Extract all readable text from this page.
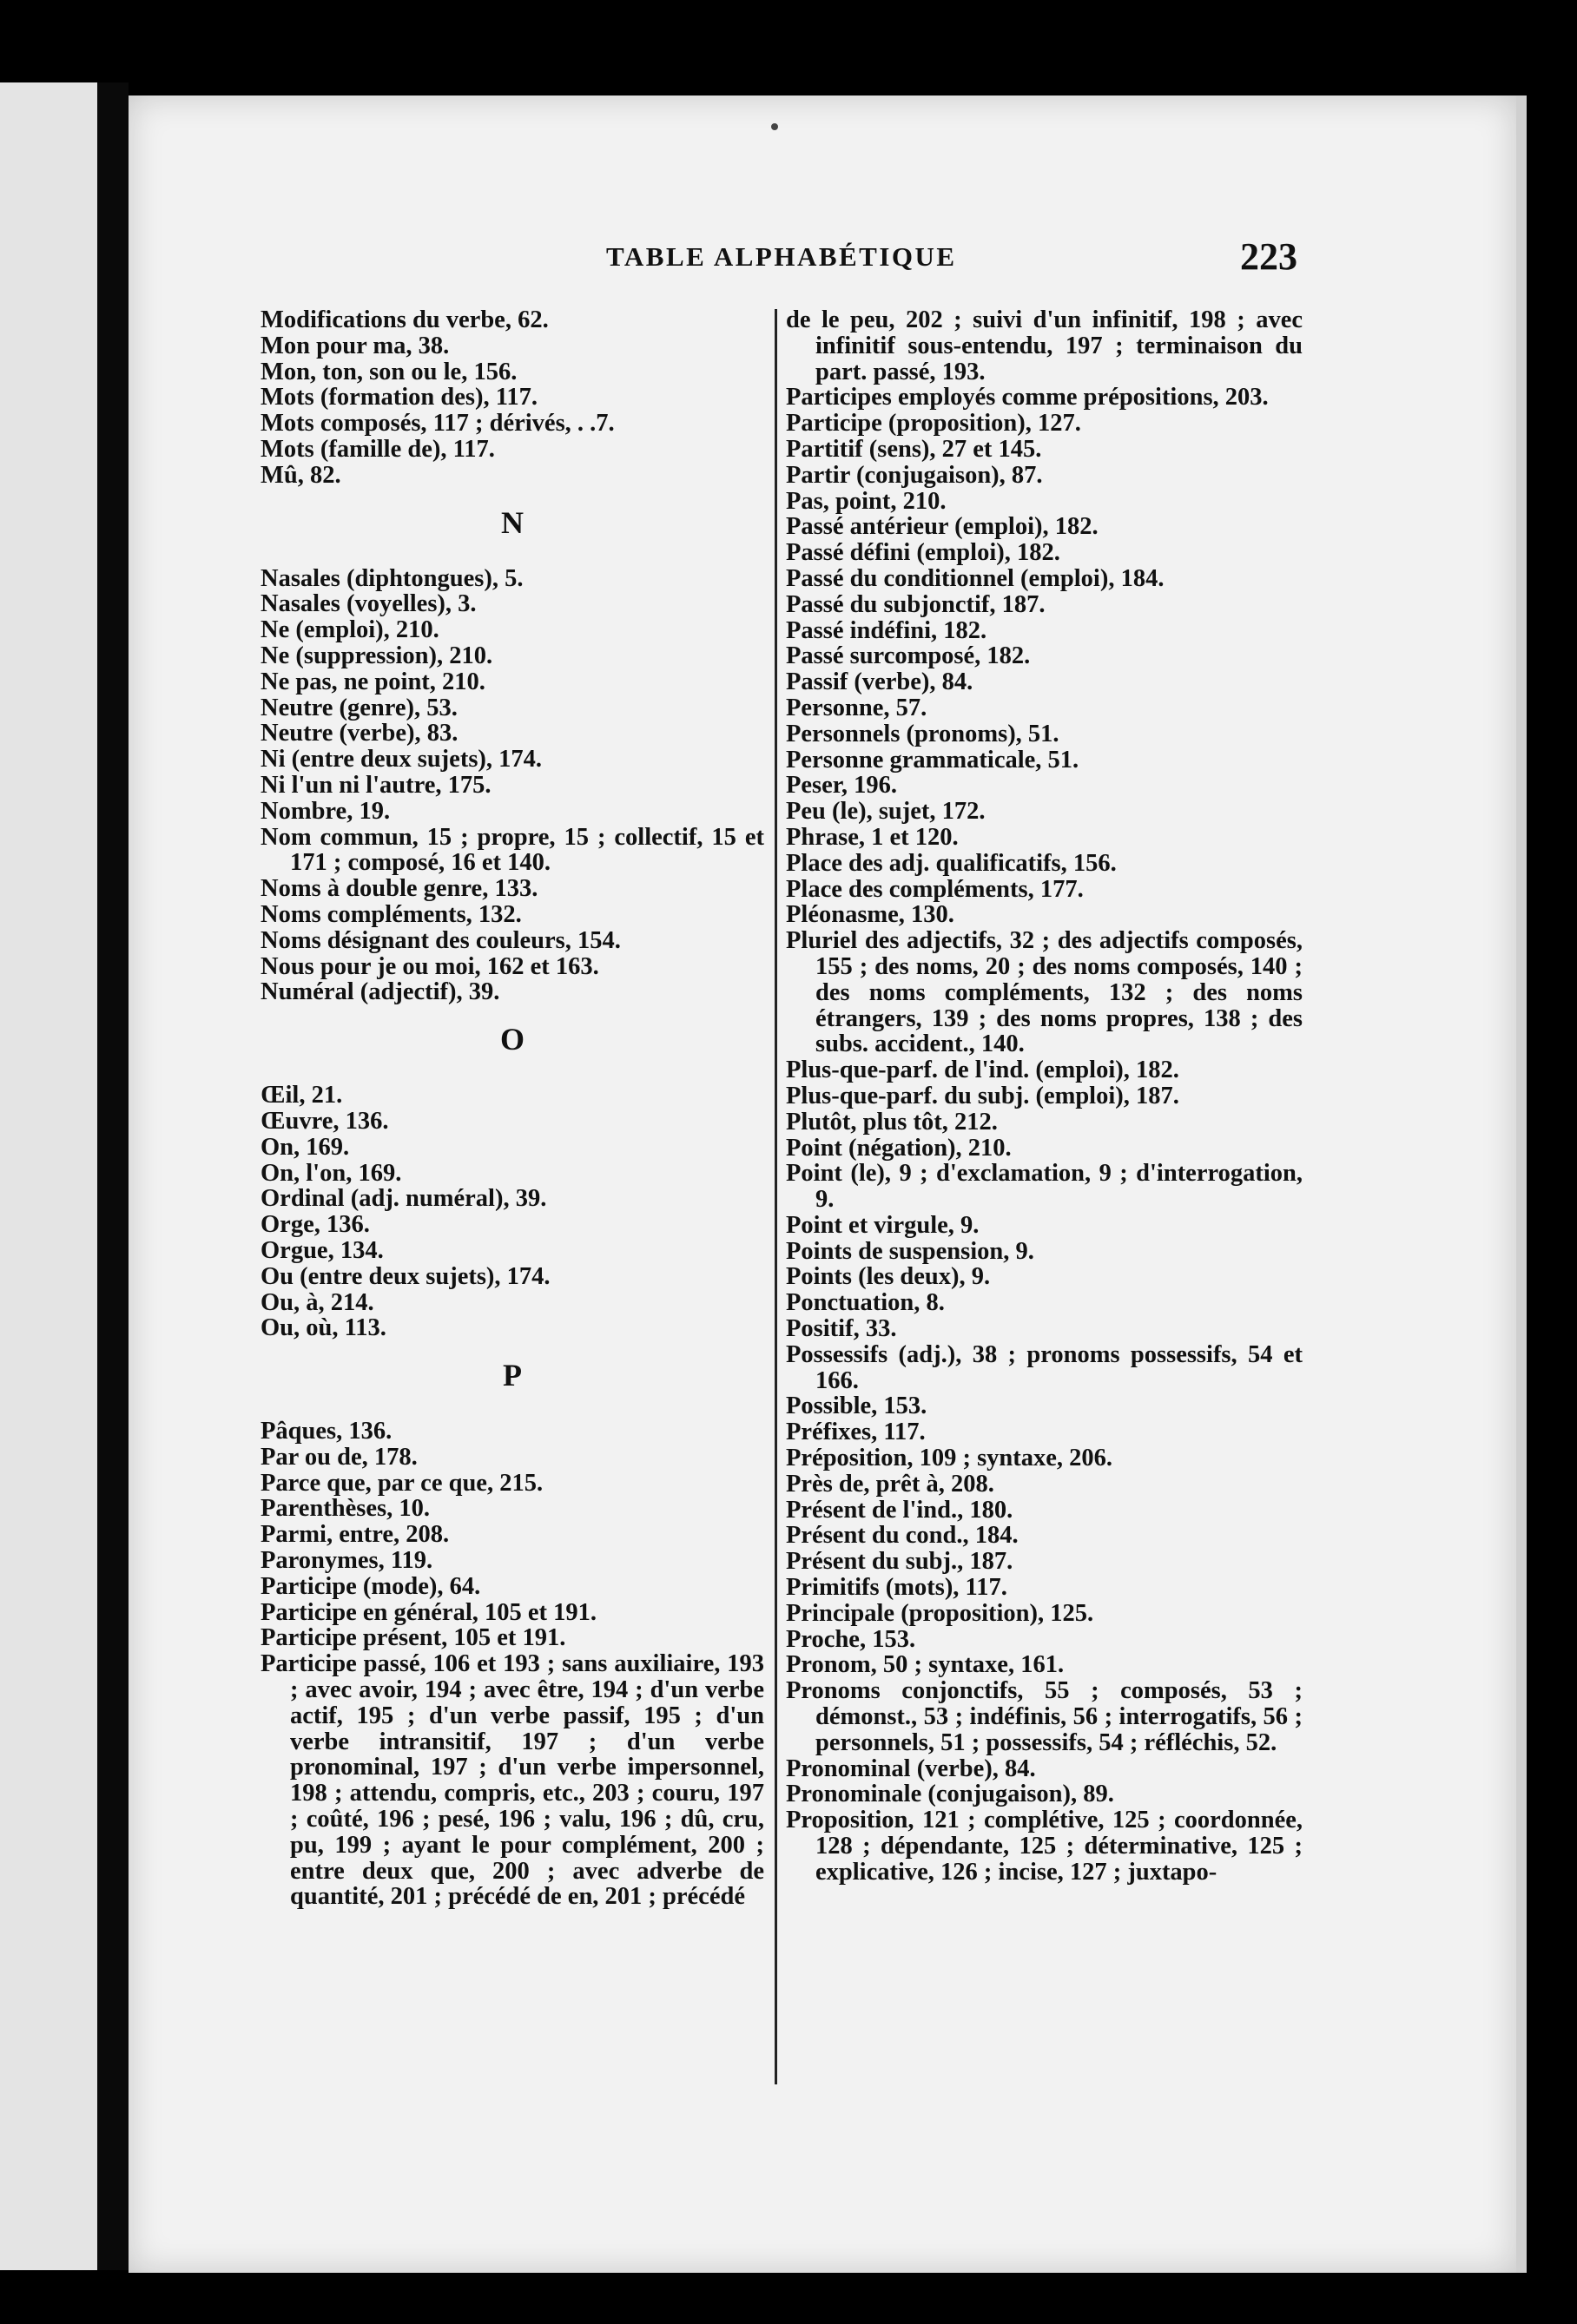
TABLE ALPHABÉTIQUE	223
Modifications du verbe, 62.
Mon pour ma, 38.
Mon, ton, son ou le, 156.
Mots (formation des), 117.
Mots composés, 117 ; dérivés, . .7.
Mots (famille de), 117.
Mû, 82.
N
Nasales (diphtongues), 5.
Nasales (voyelles), 3.
Ne (emploi), 210.
Ne (suppression), 210.
Ne pas, ne point, 210.
Neutre (genre), 53.
Neutre (verbe), 83.
Ni (entre deux sujets), 174.
Ni l'un ni l'autre, 175.
Nombre, 19.
Nom commun, 15 ; propre, 15 ; collectif, 15 et 171 ; composé, 16 et 140.
Noms à double genre, 133.
Noms compléments, 132.
Noms désignant des couleurs, 154.
Nous pour je ou moi, 162 et 163.
Numéral (adjectif), 39.
O
Œil, 21.
Œuvre, 136.
On, 169.
On, l'on, 169.
Ordinal (adj. numéral), 39.
Orge, 136.
Orgue, 134.
Ou (entre deux sujets), 174.
Ou, à, 214.
Ou, où, 113.
P
Pâques, 136.
Par ou de, 178.
Parce que, par ce que, 215.
Parenthèses, 10.
Parmi, entre, 208.
Paronymes, 119.
Participe (mode), 64.
Participe en général, 105 et 191.
Participe présent, 105 et 191.
Participe passé, 106 et 193 ; sans auxiliaire, 193 ; avec avoir, 194 ; avec être, 194 ; d'un verbe actif, 195 ; d'un verbe passif, 195 ; d'un verbe intransitif, 197 ; d'un verbe pronominal, 197 ; d'un verbe impersonnel, 198 ; attendu, compris, etc., 203 ; couru, 197 ; coûté, 196 ; pesé, 196 ; valu, 196 ; dû, cru, pu, 199 ; ayant le pour complément, 200 ; entre deux que, 200 ; avec adverbe de quantité, 201 ; précédé de en, 201 ; précédé
de le peu, 202 ; suivi d'un infinitif, 198 ; avec infinitif sous-entendu, 197 ; terminaison du part. passé, 193.
Participes employés comme prépositions, 203.
Participe (proposition), 127.
Partitif (sens), 27 et 145.
Partir (conjugaison), 87.
Pas, point, 210.
Passé antérieur (emploi), 182.
Passé défini (emploi), 182.
Passé du conditionnel (emploi), 184.
Passé du subjonctif, 187.
Passé indéfini, 182.
Passé surcomposé, 182.
Passif (verbe), 84.
Personne, 57.
Personnels (pronoms), 51.
Personne grammaticale, 51.
Peser, 196.
Peu (le), sujet, 172.
Phrase, 1 et 120.
Place des adj. qualificatifs, 156.
Place des compléments, 177.
Pléonasme, 130.
Pluriel des adjectifs, 32 ; des adjectifs composés, 155 ; des noms, 20 ; des noms composés, 140 ; des noms compléments, 132 ; des noms étrangers, 139 ; des noms propres, 138 ; des subs. accident., 140.
Plus-que-parf. de l'ind. (emploi), 182.
Plus-que-parf. du subj. (emploi), 187.
Plutôt, plus tôt, 212.
Point (négation), 210.
Point (le), 9 ; d'exclamation, 9 ; d'interrogation, 9.
Point et virgule, 9.
Points de suspension, 9.
Points (les deux), 9.
Ponctuation, 8.
Positif, 33.
Possessifs (adj.), 38 ; pronoms possessifs, 54 et 166.
Possible, 153.
Préfixes, 117.
Préposition, 109 ; syntaxe, 206.
Près de, prêt à, 208.
Présent de l'ind., 180.
Présent du cond., 184.
Présent du subj., 187.
Primitifs (mots), 117.
Principale (proposition), 125.
Proche, 153.
Pronom, 50 ; syntaxe, 161.
Pronoms conjonctifs, 55 ; composés, 53 ; démonst., 53 ; indéfinis, 56 ; interrogatifs, 56 ; personnels, 51 ; possessifs, 54 ; réfléchis, 52.
Pronominal (verbe), 84.
Pronominale (conjugaison), 89.
Proposition, 121 ; complétive, 125 ; coordonnée, 128 ; dépendante, 125 ; déterminative, 125 ; explicative, 126 ; incise, 127 ; juxtapo-
